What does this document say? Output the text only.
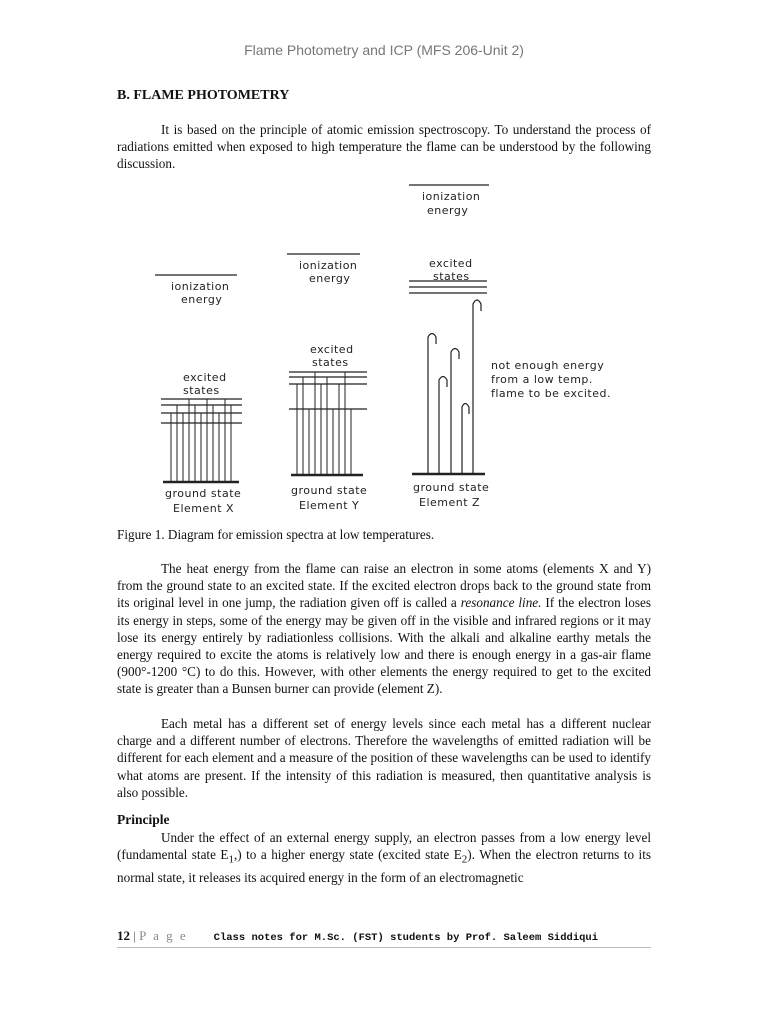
Flame Photometry and ICP (MFS 206-Unit 2)
B. FLAME PHOTOMETRY

It is based on the principle of atomic emission spectroscopy. To understand the process of radiations emitted when exposed to high temperature the flame can be understood by the following discussion.

ionization
energy
excited
states
ground state
Element X
ionization
energy
excited
states
ground state
Element Y
ionization
energy
excited
states
ground state
Element Z
not enough energy
from a low temp.
flame to be excited.
Figure 1. Diagram for emission spectra at low temperatures.

The heat energy from the flame can raise an electron in some atoms (elements X and Y) from the ground state to an excited state. If the excited electron drops back to the ground state from its original level in one jump, the radiation given off is called a resonance line. If the electron loses its energy in steps, some of the energy may be given off in the visible and infrared regions or it may lose its energy entirely by radiationless collisions. With the alkali and alkaline earthy metals the energy required to excite the atoms is relatively low and there is enough energy in a gas-air flame (900°-1200 °C) to do this. However, with other elements the energy required to get to the excited state is greater than a Bunsen burner can provide (element Z).

Each metal has a different set of energy levels since each metal has a different nuclear charge and a different number of electrons. Therefore the wavelengths of emitted radiation will be different for each element and a measure of the position of these wavelengths can be used to identify what atoms are present. If the intensity of this radiation is measured, then quantitative analysis is also possible.

Principle

Under the effect of an external energy supply, an electron passes from a low energy level (fundamental state $E_1$,) to a higher energy state (excited state $E_2$). When the electron returns to its normal state, it releases its acquired energy in the form of an electromagnetic

12 | P a g e Class notes for M.Sc. (FST) students by Prof. Saleem Siddiqui
